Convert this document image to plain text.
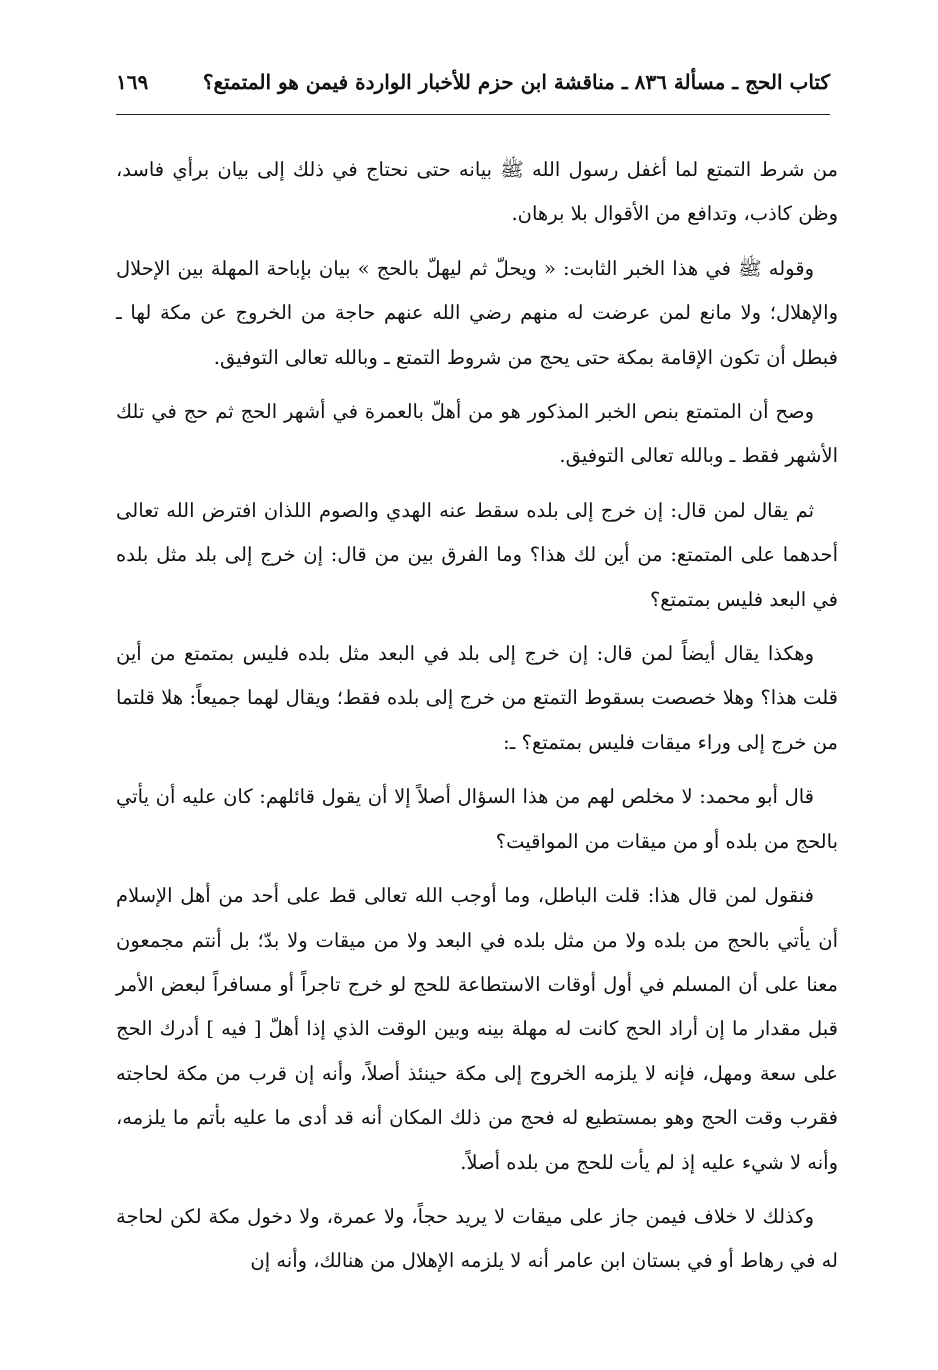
كتاب الحج ـ مسألة ٨٣٦ ـ مناقشة ابن حزم للأخبار الواردة فيمن هو المتمتع؟
١٦٩

من شرط التمتع لما أغفل رسول الله ﷺ بيانه حتى نحتاج في ذلك إلى بيان برأي فاسد، وظن كاذب، وتدافع من الأقوال بلا برهان.

وقوله ﷺ في هذا الخبر الثابت: « ويحلّ ثم ليهلّ بالحج » بيان بإباحة المهلة بين الإحلال والإهلال؛ ولا مانع لمن عرضت له منهم رضي الله عنهم حاجة من الخروج عن مكة لها ـ فبطل أن تكون الإقامة بمكة حتى يحج من شروط التمتع ـ وبالله تعالى التوفيق.

وصح أن المتمتع بنص الخبر المذكور هو من أهلّ بالعمرة في أشهر الحج ثم حج في تلك الأشهر فقط ـ وبالله تعالى التوفيق.

ثم يقال لمن قال: إن خرج إلى بلده سقط عنه الهدي والصوم اللذان افترض الله تعالى أحدهما على المتمتع: من أين لك هذا؟ وما الفرق بين من قال: إن خرج إلى بلد مثل بلده في البعد فليس بمتمتع؟

وهكذا يقال أيضاً لمن قال: إن خرج إلى بلد في البعد مثل بلده فليس بمتمتع من أين قلت هذا؟ وهلا خصصت بسقوط التمتع من خرج إلى بلده فقط؛ ويقال لهما جميعاً: هلا قلتما من خرج إلى وراء ميقات فليس بمتمتع؟ ـ:

قال أبو محمد: لا مخلص لهم من هذا السؤال أصلاً إلا أن يقول قائلهم: كان عليه أن يأتي بالحج من بلده أو من ميقات من المواقيت؟

فنقول لمن قال هذا: قلت الباطل، وما أوجب الله تعالى قط على أحد من أهل الإسلام أن يأتي بالحج من بلده ولا من مثل بلده في البعد ولا من ميقات ولا بدّ؛ بل أنتم مجمعون معنا على أن المسلم في أول أوقات الاستطاعة للحج لو خرج تاجراً أو مسافراً لبعض الأمر قبل مقدار ما إن أراد الحج كانت له مهلة بينه وبين الوقت الذي إذا أهلّ [ فيه ] أدرك الحج على سعة ومهل، فإنه لا يلزمه الخروج إلى مكة حينئذ أصلاً، وأنه إن قرب من مكة لحاجته فقرب وقت الحج وهو بمستطيع له فحج من ذلك المكان أنه قد أدى ما عليه بأتم ما يلزمه، وأنه لا شيء عليه إذ لم يأت للحج من بلده أصلاً.

وكذلك لا خلاف فيمن جاز على ميقات لا يريد حجاً، ولا عمرة، ولا دخول مكة لكن لحاجة له في رهاط أو في بستان ابن عامر أنه لا يلزمه الإهلال من هنالك، وأنه إن
